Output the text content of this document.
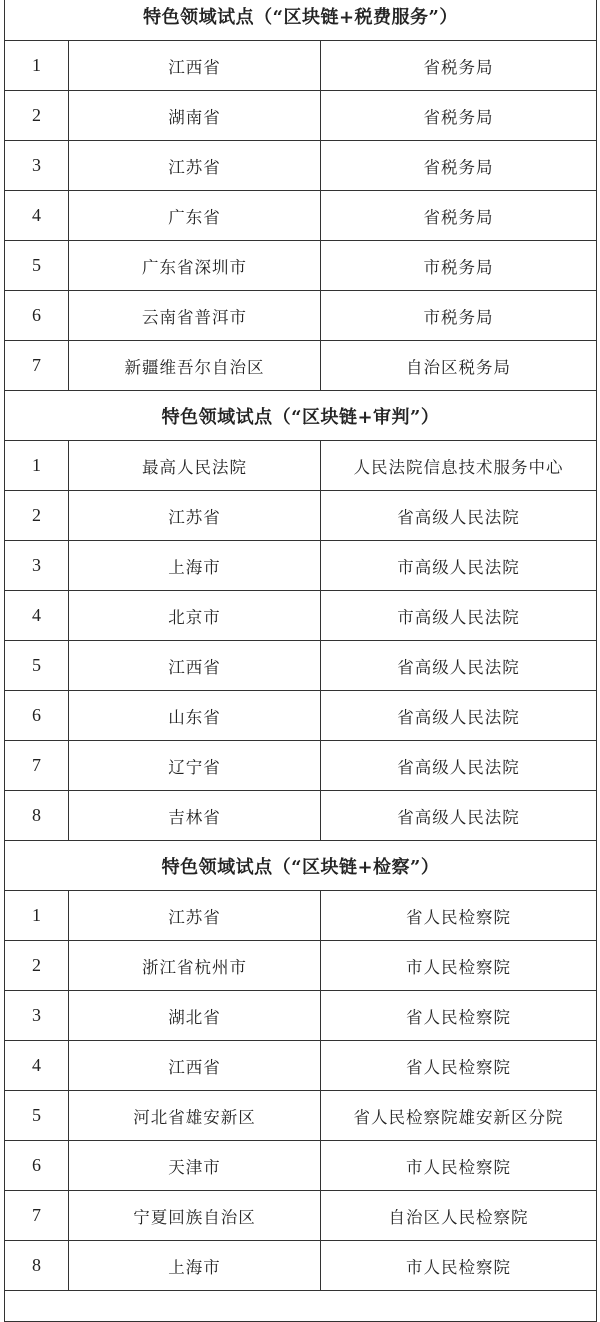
特色领域试点（“区块链+税费服务”）		
1	江西省	省税务局
2	湖南省	省税务局
3	江苏省	省税务局
4	广东省	省税务局
5	广东省深圳市	市税务局
6	云南省普洱市	市税务局
7	新疆维吾尔自治区	自治区税务局
特色领域试点（“区块链+审判”）		
1	最高人民法院	人民法院信息技术服务中心
2	江苏省	省高级人民法院
3	上海市	市高级人民法院
4	北京市	市高级人民法院
5	江西省	省高级人民法院
6	山东省	省高级人民法院
7	辽宁省	省高级人民法院
8	吉林省	省高级人民法院
特色领域试点（“区块链+检察”）		
1	江苏省	省人民检察院
2	浙江省杭州市	市人民检察院
3	湖北省	省人民检察院
4	江西省	省人民检察院
5	河北省雄安新区	省人民检察院雄安新区分院
6	天津市	市人民检察院
7	宁夏回族自治区	自治区人民检察院
8	上海市	市人民检察院
